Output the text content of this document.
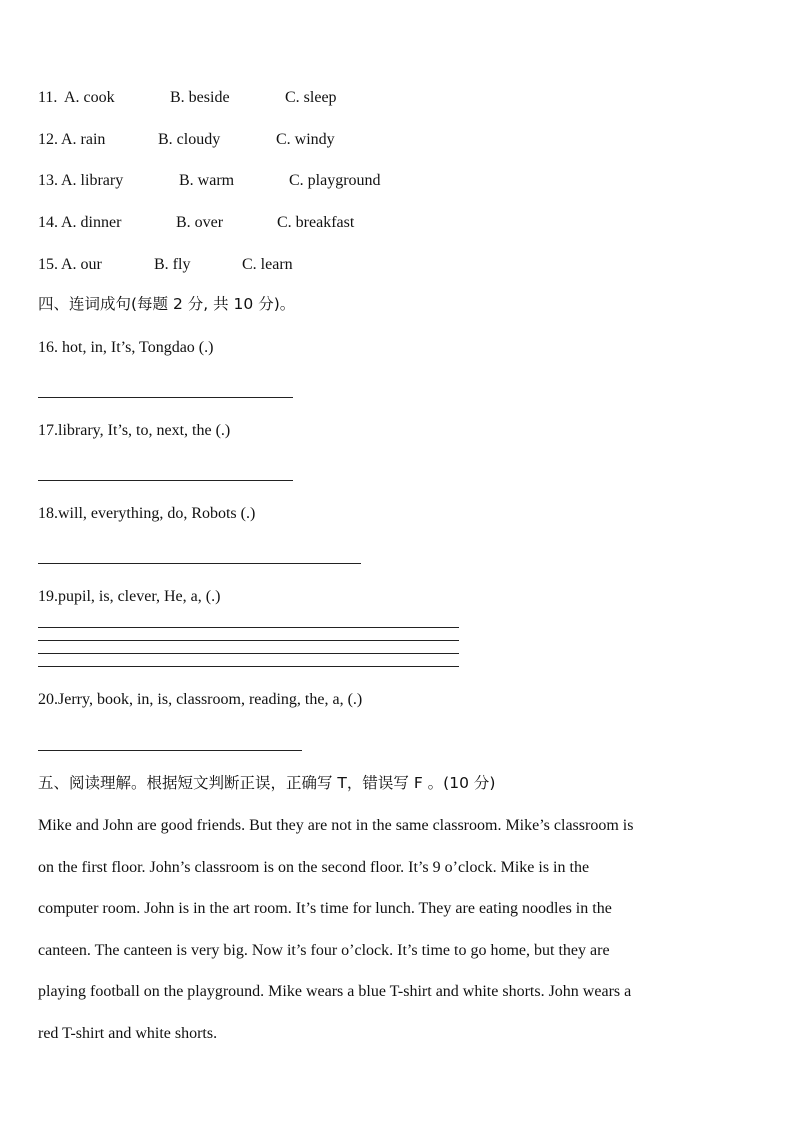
11. A. cook	B. beside	C. sleep
12. A. rain	B. cloudy	C. windy
13. A. library	B. warm	C. playground
14. A. dinner	B. over	C. breakfast
15. A. our	B. fly	C. learn
四、连词成句(每题 2 分, 共 10 分)。
16. hot, in, It’s, Tongdao (.)
17.library, It’s, to, next, the (.)
18.will, everything, do, Robots (.)
19.pupil, is, clever, He, a, (.)
20.Jerry, book, in, is, classroom, reading, the, a, (.)
五、阅读理解。根据短文判断正误，正确写 T，错误写 F 。(10 分)
Mike and John are good friends. But they are not in the same classroom. Mike’s classroom is
on the first floor. John’s classroom is on the second floor. It’s 9 o’clock. Mike is in the
computer room. John is in the art room. It’s time for lunch. They are eating noodles in the
canteen. The canteen is very big. Now it’s four o’clock. It’s time to go home, but they are
playing football on the playground. Mike wears a blue T-shirt and white shorts. John wears a
red T-shirt and white shorts.
